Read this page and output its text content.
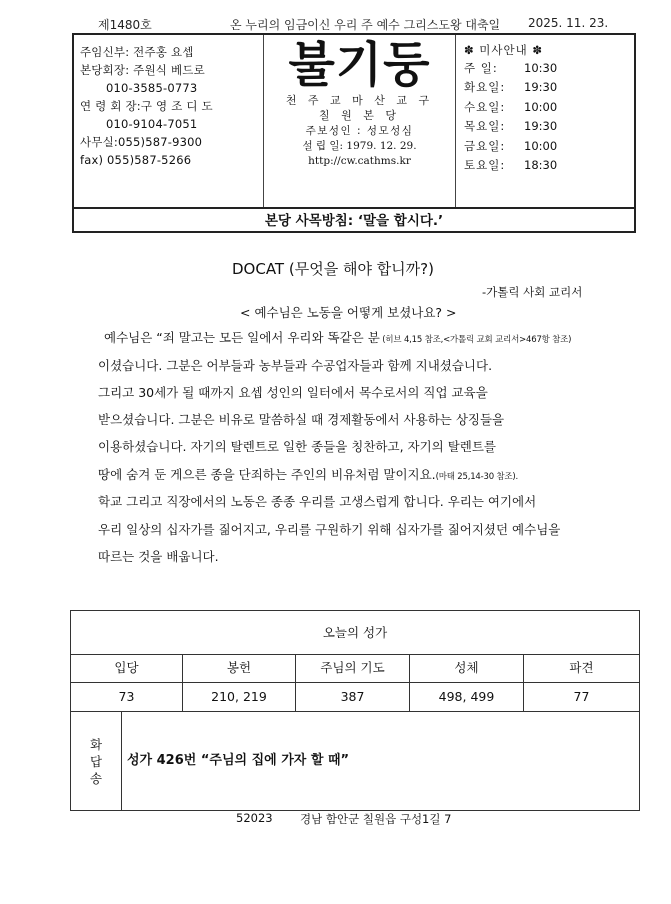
제1480호	온 누리의 임금이신 우리 주 예수 그리스도왕 대축일 2025. 11. 23.
주임신부: 전주홍 요셉
본당회장: 주원식 베드로
010-3585-0773
연 령 회 장:구 영 조 디 도
010-9104-7051
사무실:055)587-9300
fax) 055)587-5266
불기둥
천 주 교 마 산 교 구
칠 원 본 당
주보성인 : 성모성심
설 립 일: 1979. 12. 29.
http://cw.cathms.kr
✽ 미사안내 ✽
주 일:	10:30
화요일:	19:30
수요일:	10:00
목요일:	19:30
금요일:	10:00
토요일:	18:30
본당 사목방침: ‘말을 합시다.’
DOCAT (무엇을 해야 합니까?)
-가톨릭 사회 교리서
< 예수님은 노동을 어떻게 보셨나요? >

예수님은 “죄 말고는 모든 일에서 우리와 똑같은 분 (히브 4,15 참조,<가톨릭 교회 교리서>467항 참조)

이셨습니다. 그분은 어부들과 농부들과 수공업자들과 함께 지내셨습니다.

그리고 30세가 될 때까지 요셉 성인의 일터에서 목수로서의 직업 교육을

받으셨습니다. 그분은 비유로 말씀하실 때 경제활동에서 사용하는 상징들을

이용하셨습니다. 자기의 탈렌트로 일한 종들을 칭찬하고, 자기의 탈렌트를

땅에 숨겨 둔 게으른 종을 단죄하는 주인의 비유처럼 말이지요.(마태 25,14-30 참조).

학교 그리고 직장에서의 노동은 종종 우리를 고생스럽게 합니다. 우리는 여기에서

우리 일상의 십자가를 짊어지고, 우리를 구원하기 위해 십자가를 짊어지셨던 예수님을

따르는 것을 배웁니다.

오늘의 성가
입당	봉헌	주님의 기도	성체	파견
73	210, 219	387	498, 499	77
화
답
송
성가 426번 “주님의 집에 가자 할 때”
52023 경남 함안군 칠원읍 구성1길 7
